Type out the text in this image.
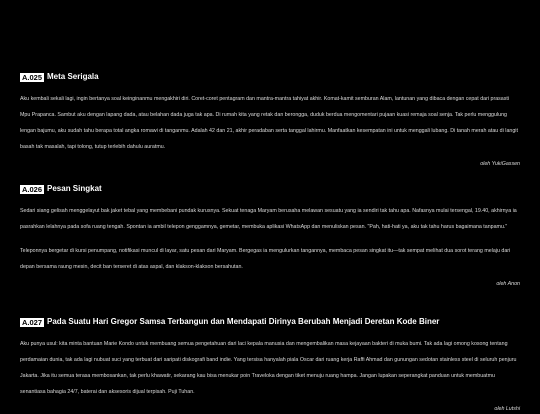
A.025 Meta Serigala

Aku kembali sekali lagi, ingin bertanya soal keinginanmu mengakhiri diri. Coret-coret pentagram dan mantra-mantra tahiyat akhir. Komat-kamit semburan Alam, lantunan yang dibaca dengan cepat dari prasasti Mpu Prapanca. Sambut aku dengan lapang dada, atau belahan dada juga tak apa. Di rumah kita yang retak dan berongga, duduk berdua mengomentari pujaan kuasi remaja soal senja. Tak perlu menggulung lengan bajumu, aku sudah tahu berapa total angka romawi di tanganmu. Adalah 42 dan 21, akhir peradaban serta tanggal lahirmu. Manfaatkan kesempatan ini untuk menggali lubang. Di tanah merah atau di langit basah tak masalah, tapi tolong, tutup terlebih dahulu auratmu.

oleh YukiGassen
A.026 Pesan Singkat

Sedari siang gelisah menggelayut bak jaket tebal yang membebani pundak kurusnya. Sekuat tenaga Maryam berusaha melawan sesuatu yang ia sendiri tak tahu apa. Nafasnya mulai tersengal, 19.40, akhirnya ia pasrahkan lelahnya pada sofa ruang tengah. Spontan ia ambil telepon genggamnya, gemetar, membuka aplikasi WhatsApp dan menuliskan pesan. "Pah, hati-hati ya, aku tak tahu harus bagaimana tanpamu."

Teleponnya bergetar di kursi penumpang, notifikasi muncul di layar, satu pesan dari Maryam. Bergegas ia mengulurkan tangannya, membaca pesan singkat itu—tak sempat melihat dua sorot terang melaju dari depan bersama raung mesin, decit ban terseret di atas aspal, dan klakson-klakson bersahutan.

oleh Anon
A.027 Pada Suatu Hari Gregor Samsa Terbangun dan Mendapati Dirinya Berubah Menjadi Deretan Kode Biner

Aku punya usul: kita minta bantuan Marie Kondo untuk membuang semua pengetahuan dari laci kepala manusia dan mengembalikan masa kejayaan bakteri di muka bumi. Tak ada lagi omong kosong tentang perdamaian dunia, tak ada lagi nubuat suci yang terbuat dari saripati diskografi band indie. Yang tersisa hanyalah piala Oscar dari ruang kerja Raffi Ahmad dan gunungan sedotan stainless steel di seluruh penjuru Jakarta. Jika itu semua terasa membosankan, tak perlu khawatir, sekarang kau bisa menukar poin Traveloka dengan tiket menuju ruang hampa. Jangan lupakan seperangkat panduan untuk membuatmu senantiasa bahagia 24/7, baterai dan aksesoris dijual terpisah. Puji Tuhan.

oleh Lutshi
